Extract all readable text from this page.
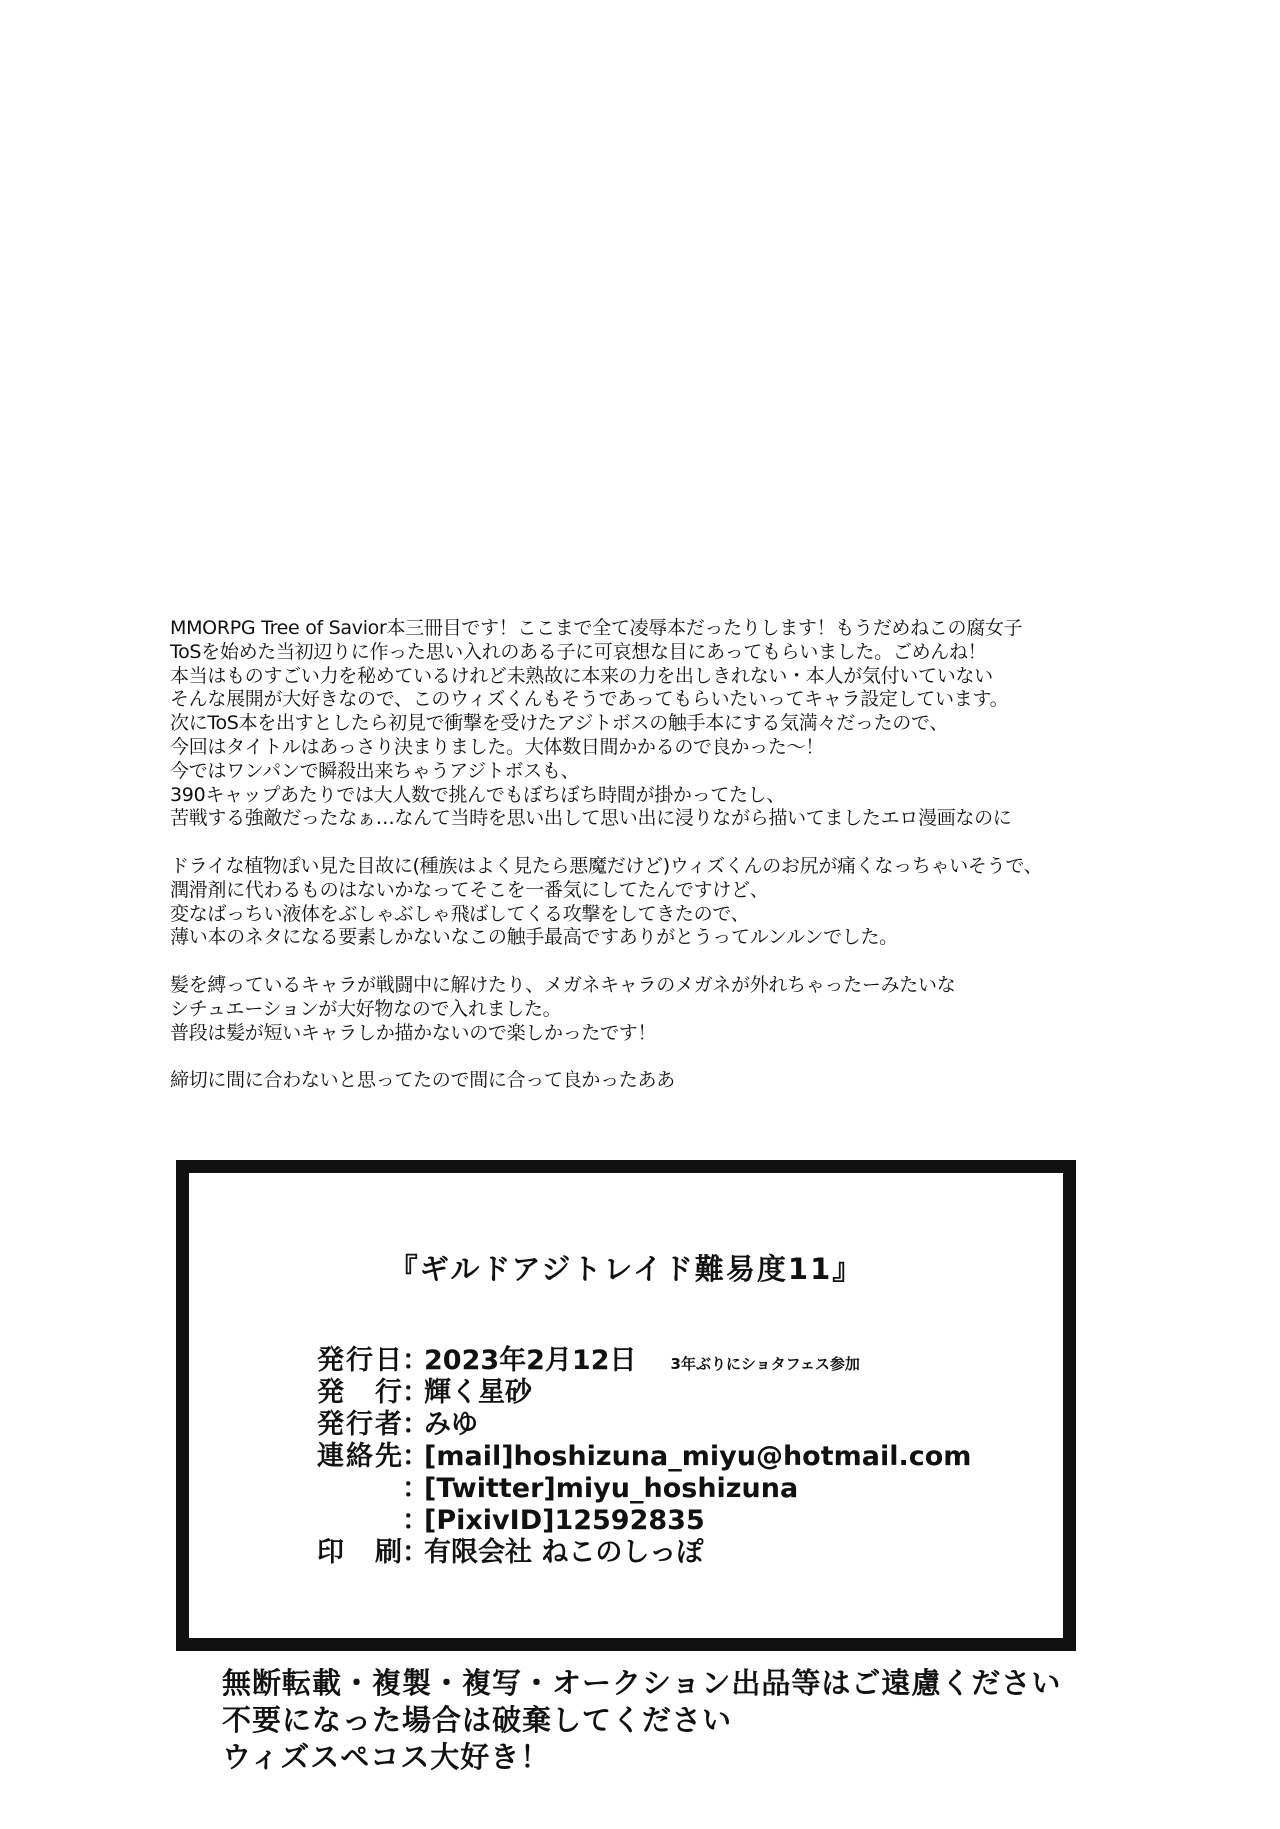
MMORPG Tree of Savior本三冊目です！ここまで全て凌辱本だったりします！もうだめねこの腐女子
ToSを始めた当初辺りに作った思い入れのある子に可哀想な目にあってもらいました。ごめんね！
本当はものすごい力を秘めているけれど未熟故に本来の力を出しきれない・本人が気付いていない
そんな展開が大好きなので、このウィズくんもそうであってもらいたいってキャラ設定しています。
次にToS本を出すとしたら初見で衝撃を受けたアジトボスの触手本にする気満々だったので、
今回はタイトルはあっさり決まりました。大体数日間かかるので良かった〜！
今ではワンパンで瞬殺出来ちゃうアジトボスも、
390キャップあたりでは大人数で挑んでもぼちぼち時間が掛かってたし、
苦戦する強敵だったなぁ…なんて当時を思い出して思い出に浸りながら描いてましたエロ漫画なのに
ドライな植物ぽい見た目故に(種族はよく見たら悪魔だけど)ウィズくんのお尻が痛くなっちゃいそうで、
潤滑剤に代わるものはないかなってそこを一番気にしてたんですけど、
変なばっちい液体をぶしゃぶしゃ飛ばしてくる攻撃をしてきたので、
薄い本のネタになる要素しかないなこの触手最高ですありがとうってルンルンでした。
髪を縛っているキャラが戦闘中に解けたり、メガネキャラのメガネが外れちゃったーみたいな
シチュエーションが大好物なので入れました。
普段は髪が短いキャラしか描かないので楽しかったです！
締切に間に合わないと思ってたので間に合って良かったああ
『ギルドアジトレイド難易度11』
発行日 ：
2023年2月12日 3年ぶりにショタフェス参加
発　行 ：
輝く星砂
発行者 ：
みゆ
連絡先 ：
[mail]hoshizuna_miyu@hotmail.com
：
[Twitter]miyu_hoshizuna
：
[PixivID]12592835
印　刷 ：
有限会社 ねこのしっぽ
無断転載・複製・複写・オークション出品等はご遠慮ください
不要になった場合は破棄してください
ウィズスペコス大好き！
